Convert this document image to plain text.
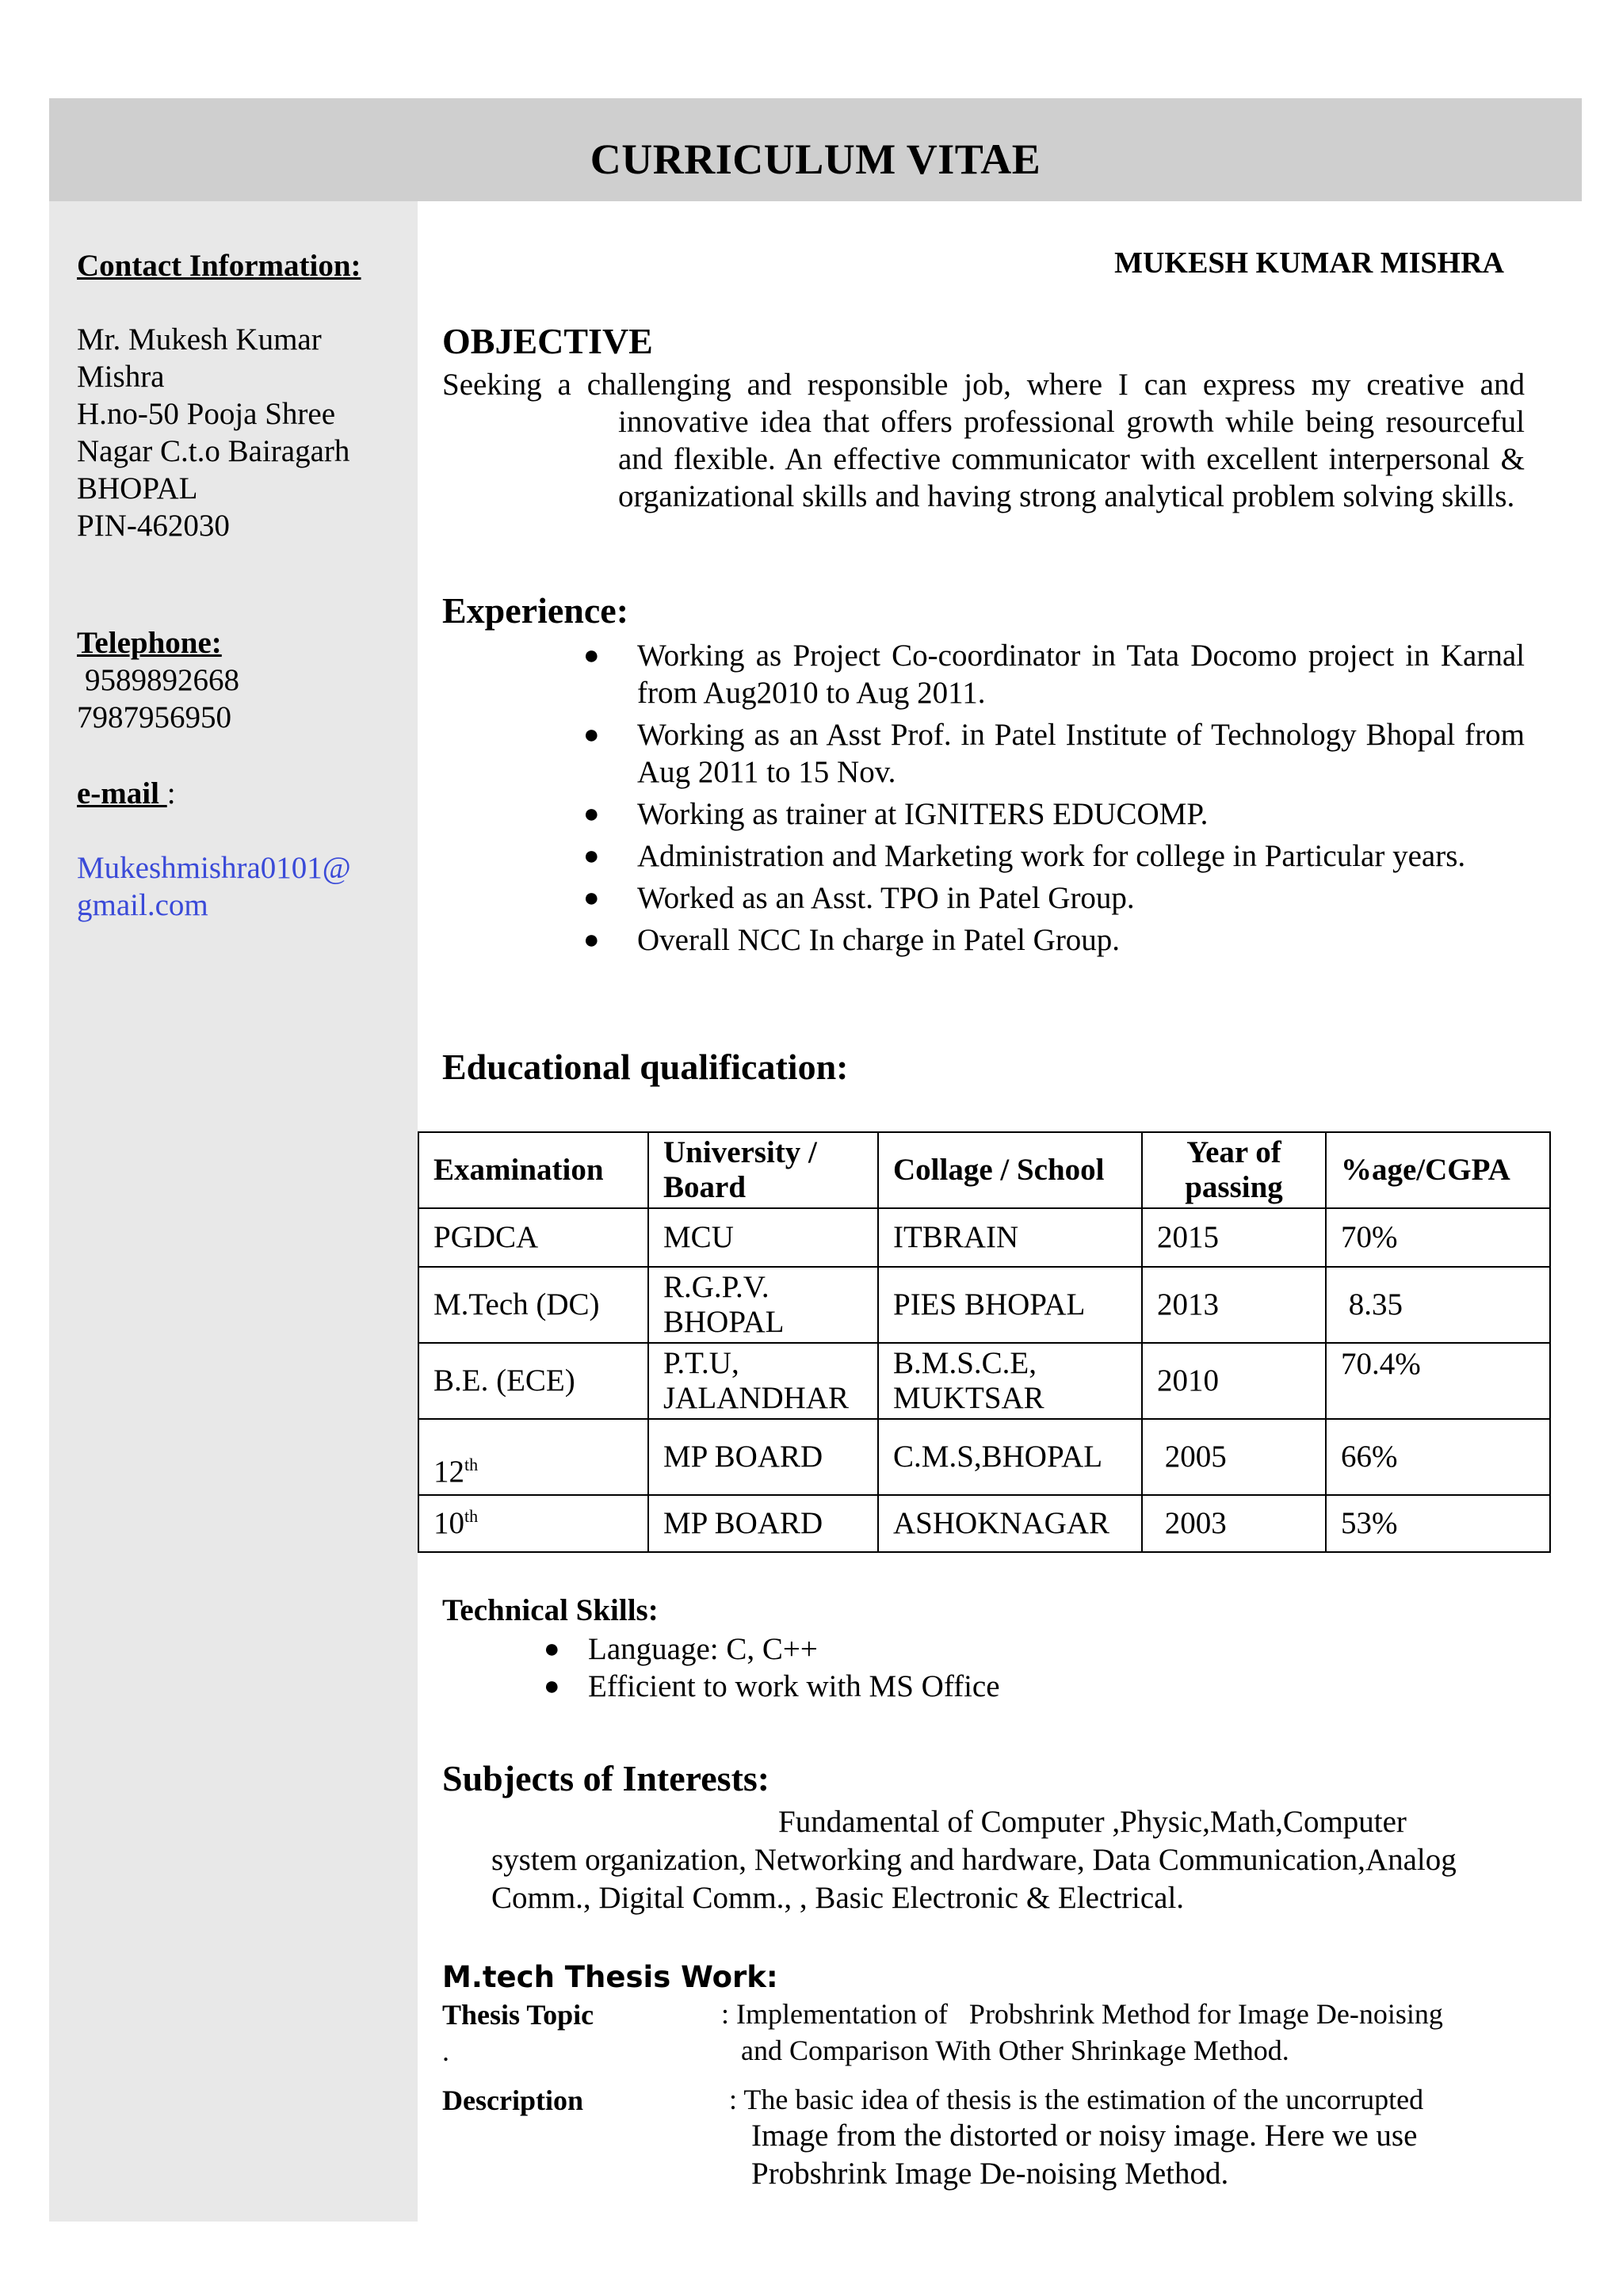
CURRICULUM VITAE
Contact Information:
Mr. Mukesh Kumar
Mishra
H.no-50 Pooja Shree
Nagar C.t.o Bairagarh
BHOPAL
PIN-462030
Telephone:
9589892668
7987956950
e-mail :
Mukeshmishra0101@
gmail.com
MUKESH KUMAR MISHRA
OBJECTIVE
Seeking a challenging and responsible job, where I can express my creative and
innovative idea that offers professional growth while being resourceful and flexible. An effective communicator with excellent interpersonal & organizational skills and having strong analytical problem solving skills.
Experience:
● Working as Project Co-coordinator in Tata Docomo project in Karnal from Aug2010 to Aug 2011.
● Working as an Asst Prof. in Patel Institute of Technology Bhopal from Aug 2011 to 15 Nov.
● Working as trainer at IGNITERS EDUCOMP.
● Administration and Marketing work for college in Particular years.
● Worked as an Asst. TPO in Patel Group.
● Overall NCC In charge in Patel Group.
Educational qualification:
Examination	University / Board	Collage / School	Year of passing	%age/CGPA
PGDCA	MCU	ITBRAIN	2015	70%
M.Tech (DC)	R.G.P.V. BHOPAL	PIES BHOPAL	2013	8.35
B.E. (ECE)	P.T.U, JALANDHAR	B.M.S.C.E, MUKTSAR	2010	70.4%
12th	MP BOARD	C.M.S,BHOPAL	2005	66%
10th	MP BOARD	ASHOKNAGAR	2003	53%
Technical Skills:
● Language: C, C++
● Efficient to work with MS Office
Subjects of Interests:
Fundamental of Computer ,Physic,Math,Computer
system organization, Networking and hardware, Data Communication,Analog Comm., Digital Comm., , Basic Electronic & Electrical.
M.tech Thesis Work:
Thesis Topic
.
: Implementation of   Probshrink Method for Image De-noising
and Comparison With Other Shrinkage Method.
Description	: The basic idea of thesis is the estimation of the uncorrupted
Image from the distorted or noisy image. Here we use
Probshrink Image De-noising Method.
